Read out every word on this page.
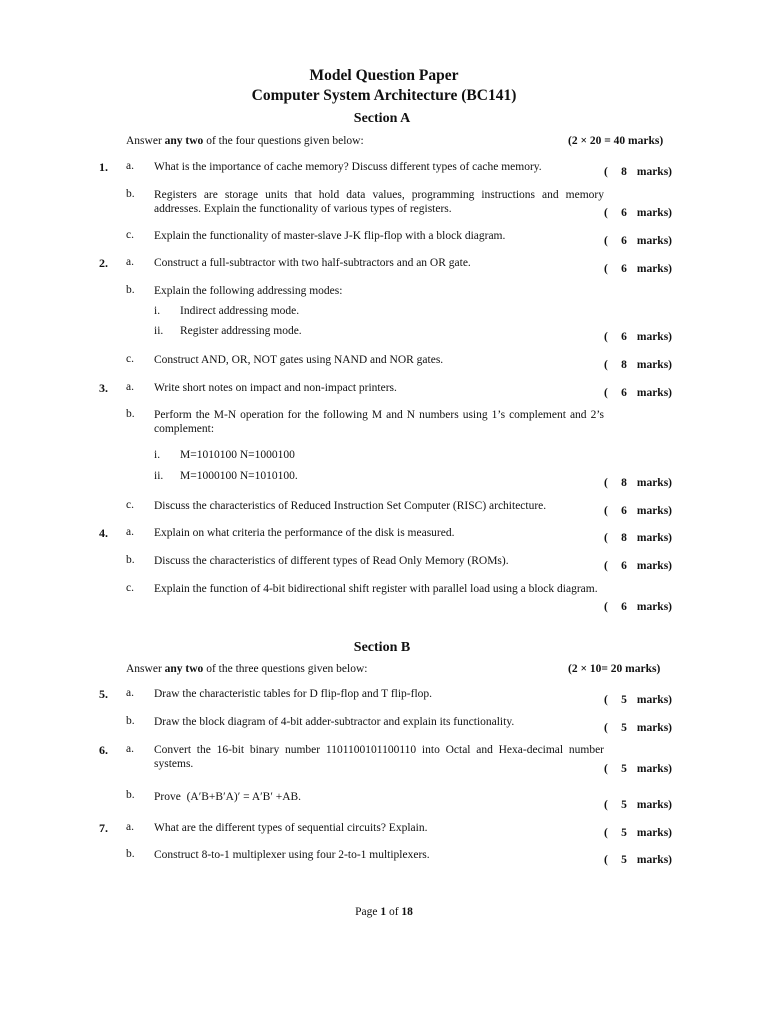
Model Question Paper
Computer System Architecture (BC141)
Section A
Answer any two of the four questions given below:	(2 × 20 = 40 marks)
1. a. What is the importance of cache memory? Discuss different types of cache memory.	( 8 marks)
b. Registers are storage units that hold data values, programming instructions and memory addresses. Explain the functionality of various types of registers.	( 6 marks)
c. Explain the functionality of master-slave J-K flip-flop with a block diagram.	( 6 marks)
2. a. Construct a full-subtractor with two half-subtractors and an OR gate.	( 6 marks)
b. Explain the following addressing modes:
i. Indirect addressing mode.
ii. Register addressing mode.	( 6 marks)
c. Construct AND, OR, NOT gates using NAND and NOR gates.	( 8 marks)
3. a. Write short notes on impact and non-impact printers.	( 6 marks)
b. Perform the M-N operation for the following M and N numbers using 1’s complement and 2’s complement:
i. M=1010100 N=1000100
ii. M=1000100 N=1010100.
( 8 marks)
c. Discuss the characteristics of Reduced Instruction Set Computer (RISC) architecture.	( 6 marks)
4. a. Explain on what criteria the performance of the disk is measured.	( 8 marks)
b. Discuss the characteristics of different types of Read Only Memory (ROMs).	( 6 marks)
c. Explain the function of 4-bit bidirectional shift register with parallel load using a block diagram.
( 6 marks)
Section B
Answer any two of the three questions given below:	(2 × 10= 20 marks)
5. a. Draw the characteristic tables for D flip-flop and T flip-flop.	( 5 marks)
b. Draw the block diagram of 4-bit adder-subtractor and explain its functionality.	( 5 marks)
6. a. Convert the 16-bit binary number 1101100101100110 into Octal and Hexa-decimal number systems.	( 5 marks)
b. Prove (A′B+B′A)′ = A′B′ +AB.
( 5 marks)
7. a. What are the different types of sequential circuits? Explain.	( 5 marks)
b. Construct 8-to-1 multiplexer using four 2-to-1 multiplexers.	( 5 marks)
Page 1 of 18
